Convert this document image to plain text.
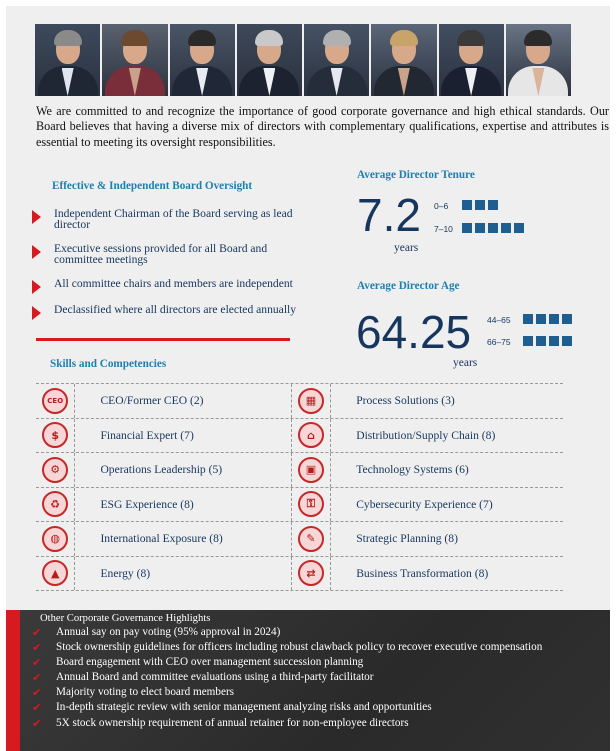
We are committed to and recognize the importance of good corporate governance and high ethical standards. Our Board believes that having a diverse mix of directors with complementary qualifications, expertise and attributes is essential to meeting its oversight responsibilities.
Effective & Independent Board Oversight
Independent Chairman of the Board serving as lead director
Executive sessions provided for all Board and committee meetings
All committee chairs and members are independent
Declassified where all directors are elected annually
Average Director Tenure
7.2
years
0–6
7–10
Average Director Age
64.25
years
44–65
66–75
Skills and Competencies
CEO	CEO/Former CEO (2)	▦	Process Solutions (3)
$	Financial Expert (7)	⌂	Distribution/Supply Chain (8)
⚙	Operations Leadership (5)	▣	Technology Systems (6)
♻	ESG Experience (8)	⚿	Cybersecurity Experience (7)
◍	International Exposure (8)	✎	Strategic Planning (8)
▲	Energy (8)	⇄	Business Transformation (8)
Other Corporate Governance Highlights
✔ Annual say on pay voting (95% approval in 2024)
✔ Stock ownership guidelines for officers including robust clawback policy to recover executive compensation
✔ Board engagement with CEO over management succession planning
✔ Annual Board and committee evaluations using a third-party facilitator
✔ Majority voting to elect board members
✔ In-depth strategic review with senior management analyzing risks and opportunities
✔ 5X stock ownership requirement of annual retainer for non-employee directors
